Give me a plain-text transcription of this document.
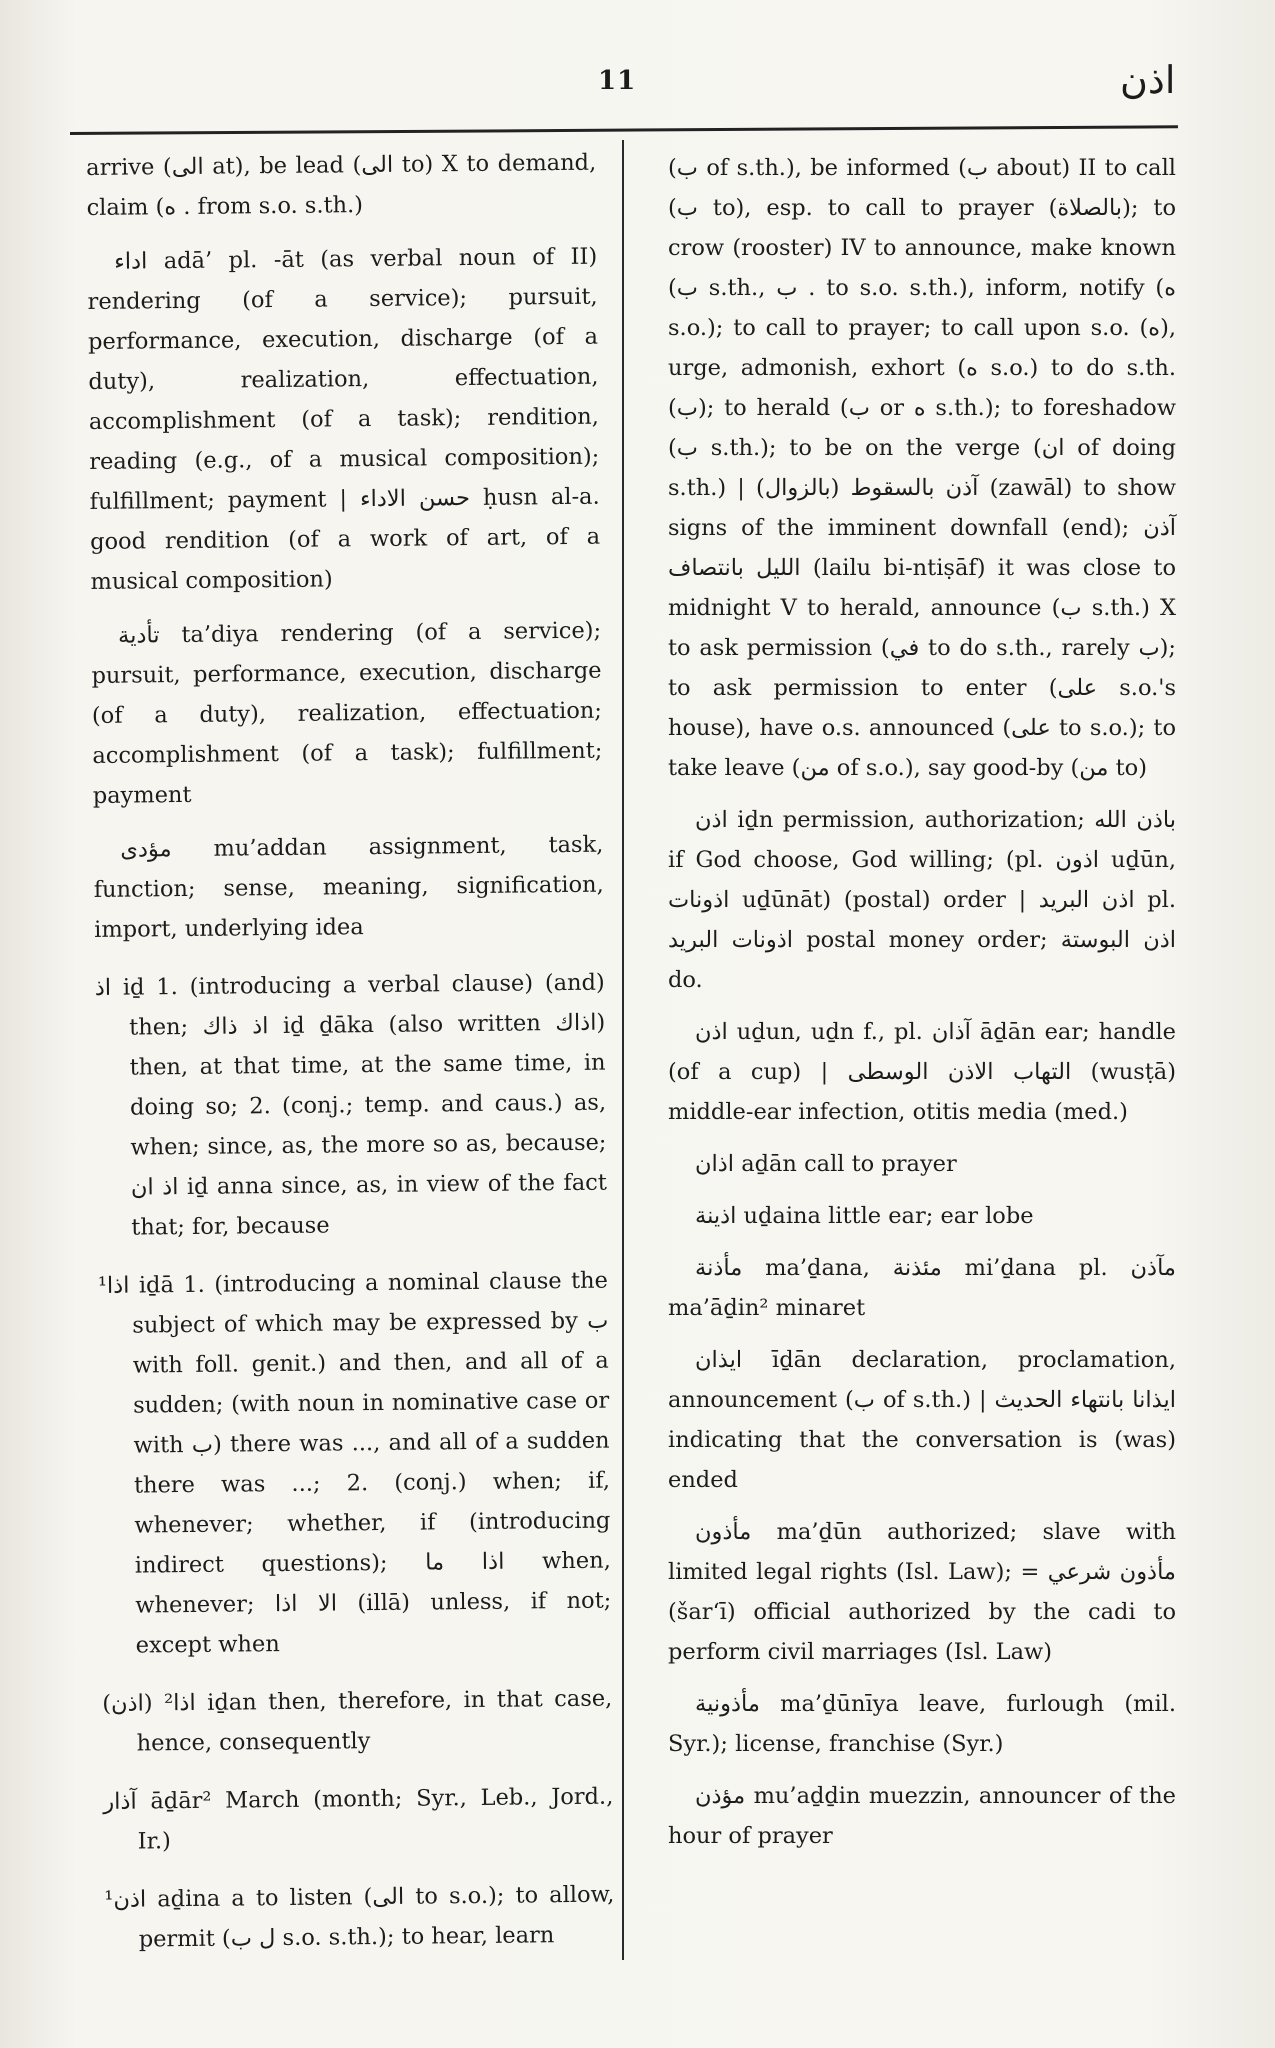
11	اذن

arrive (الى at), be lead (الى to) X to demand, claim (ه . from s.o. s.th.)

اداء adā’ pl. -āt (as verbal noun of II) rendering (of a service); pursuit, performance, execution, discharge (of a duty), realization, effectuation, accomplishment (of a task); rendition, reading (e.g., of a musical composition); fulfillment; payment | حسن الاداء ḥusn al-a. good rendition (of a work of art, of a musical composition)

تأدية ta’diya rendering (of a service); pursuit, performance, execution, discharge (of a duty), realization, effectuation; accomplishment (of a task); fulfillment; payment

مؤدى mu’addan assignment, task, function; sense, meaning, signification, import, underlying idea

اذ iḏ 1. (introducing a verbal clause) (and) then; اذ ذاك iḏ ḏāka (also written اذاك) then, at that time, at the same time, in doing so; 2. (conj.; temp. and caus.) as, when; since, as, the more so as, because; اذ ان iḏ anna since, as, in view of the fact that; for, because

اذا¹ iḏā 1. (introducing a nominal clause the subject of which may be expressed by ب with foll. genit.) and then, and all of a sudden; (with noun in nominative case or with ب) there was ..., and all of a sudden there was ...; 2. (conj.) when; if, whenever; whether, if (introducing indirect questions); اذا ما when, whenever; الا اذا (illā) unless, if not; except when

اذا² (اذن) iḏan then, therefore, in that case, hence, consequently

آذار āḏār² March (month; Syr., Leb., Jord., Ir.)

اذن¹ aḏina a to listen (الى to s.o.); to allow, permit (ل ب s.o. s.th.); to hear, learn

(ب of s.th.), be informed (ب about) II to call (ب to), esp. to call to prayer (بالصلاة); to crow (rooster) IV to announce, make known (ب s.th., ب . to s.o. s.th.), inform, notify (ه s.o.); to call to prayer; to call upon s.o. (ه), urge, admonish, exhort (ه s.o.) to do s.th. (ب); to herald (ب or ه s.th.); to foreshadow (ب s.th.); to be on the verge (ان of doing s.th.) | آذن بالسقوط (بالزوال) (zawāl) to show signs of the imminent downfall (end); آذن الليل بانتصاف (lailu bi-ntiṣāf) it was close to midnight V to herald, announce (ب s.th.) X to ask permission (في to do s.th., rarely ب); to ask permission to enter (على s.o.'s house), have o.s. announced (على to s.o.); to take leave (من of s.o.), say good-by (من to)

اذن iḏn permission, authorization; باذن الله if God choose, God willing; (pl. اذون uḏūn, اذونات uḏūnāt) (postal) order | اذن البريد pl. اذونات البريد postal money order; اذن البوستة do.

اذن uḏun, uḏn f., pl. آذان āḏān ear; handle (of a cup) | التهاب الاذن الوسطى (wusṭā) middle-ear infection, otitis media (med.)

اذان aḏān call to prayer

اذينة uḏaina little ear; ear lobe

مأذنة ma’ḏana, مئذنة mi’ḏana pl. مآذن ma’āḏin² minaret

ايذان īḏān declaration, proclamation, announcement (ب of s.th.) | ايذانا بانتهاء الحديث indicating that the conversation is (was) ended

مأذون ma’ḏūn authorized; slave with limited legal rights (Isl. Law); = مأذون شرعي (šar‘ī) official authorized by the cadi to perform civil marriages (Isl. Law)

مأذونية ma’ḏūnīya leave, furlough (mil. Syr.); license, franchise (Syr.)

مؤذن mu’aḏḏin muezzin, announcer of the hour of prayer
